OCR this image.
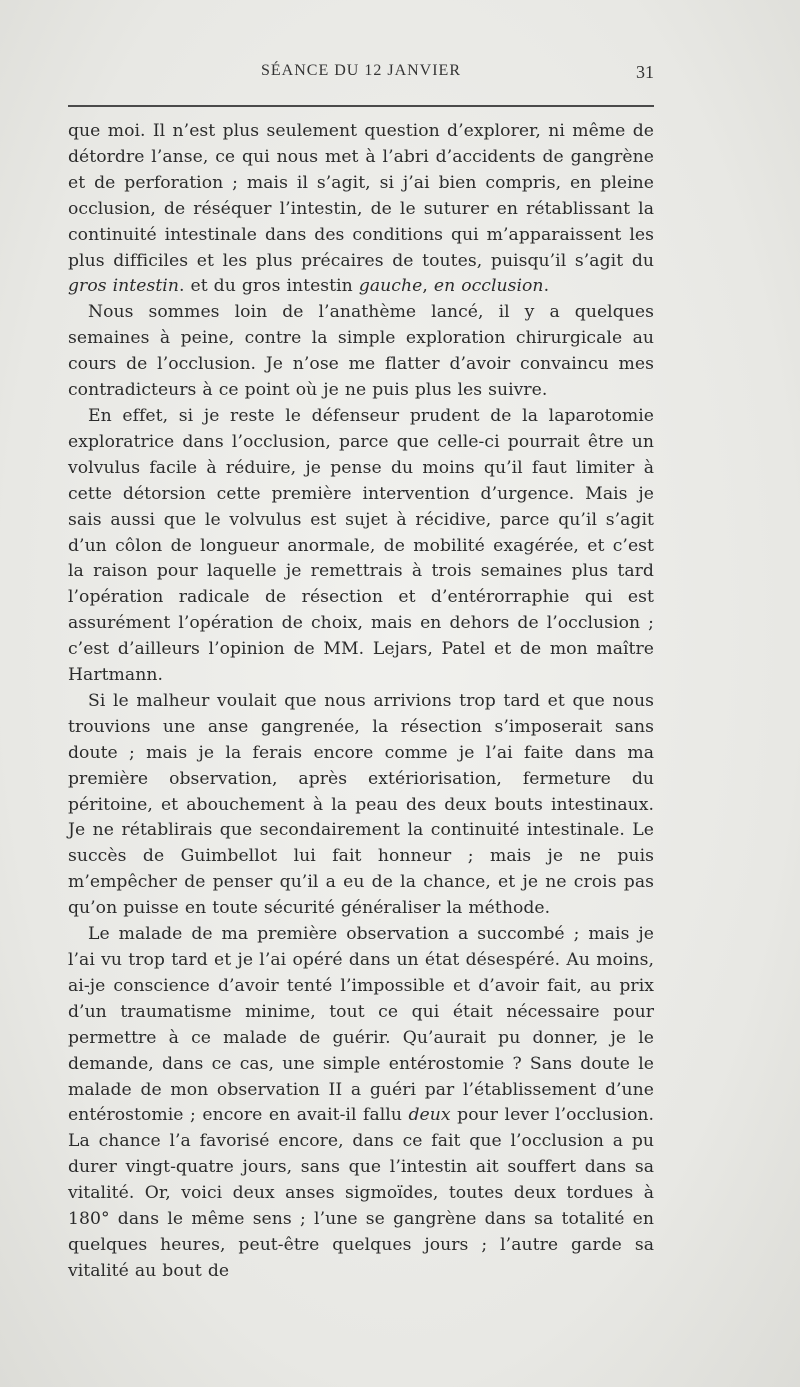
SÉANCE DU 12 JANVIER	31

que moi. Il n’est plus seulement question d’explorer, ni même de détordre l’anse, ce qui nous met à l’abri d’accidents de gangrène et de perforation ; mais il s’agit, si j’ai bien compris, en pleine occlusion, de réséquer l’intestin, de le suturer en rétablissant la continuité intestinale dans des conditions qui m’apparaissent les plus difficiles et les plus précaires de toutes, puisqu’il s’agit du gros intestin. et du gros intestin gauche, en occlusion.

Nous sommes loin de l’anathème lancé, il y a quelques semaines à peine, contre la simple exploration chirurgicale au cours de l’occlusion. Je n’ose me flatter d’avoir convaincu mes contradicteurs à ce point où je ne puis plus les suivre.

En effet, si je reste le défenseur prudent de la laparotomie exploratrice dans l’occlusion, parce que celle-ci pourrait être un volvulus facile à réduire, je pense du moins qu’il faut limiter à cette détorsion cette première intervention d’urgence. Mais je sais aussi que le volvulus est sujet à récidive, parce qu’il s’agit d’un côlon de longueur anormale, de mobilité exagérée, et c’est la raison pour laquelle je remettrais à trois semaines plus tard l’opération radicale de résection et d’entérorraphie qui est assurément l’opération de choix, mais en dehors de l’occlusion ; c’est d’ailleurs l’opinion de MM. Lejars, Patel et de mon maître Hartmann.

Si le malheur voulait que nous arrivions trop tard et que nous trouvions une anse gangrenée, la résection s’imposerait sans doute ; mais je la ferais encore comme je l’ai faite dans ma première observation, après extériorisation, fermeture du péritoine, et abouchement à la peau des deux bouts intestinaux. Je ne rétablirais que secondairement la continuité intestinale. Le succès de Guimbellot lui fait honneur ; mais je ne puis m’empêcher de penser qu’il a eu de la chance, et je ne crois pas qu’on puisse en toute sécurité généraliser la méthode.

Le malade de ma première observation a succombé ; mais je l’ai vu trop tard et je l’ai opéré dans un état désespéré. Au moins, ai-je conscience d’avoir tenté l’impossible et d’avoir fait, au prix d’un traumatisme minime, tout ce qui était nécessaire pour permettre à ce malade de guérir. Qu’aurait pu donner, je le demande, dans ce cas, une simple entérostomie ? Sans doute le malade de mon observation II a guéri par l’établissement d’une entérostomie ; encore en avait-il fallu deux pour lever l’occlusion. La chance l’a favorisé encore, dans ce fait que l’occlusion a pu durer vingt-quatre jours, sans que l’intestin ait souffert dans sa vitalité. Or, voici deux anses sigmoïdes, toutes deux tordues à 180° dans le même sens ; l’une se gangrène dans sa totalité en quelques heures, peut-être quelques jours ; l’autre garde sa vitalité au bout de
